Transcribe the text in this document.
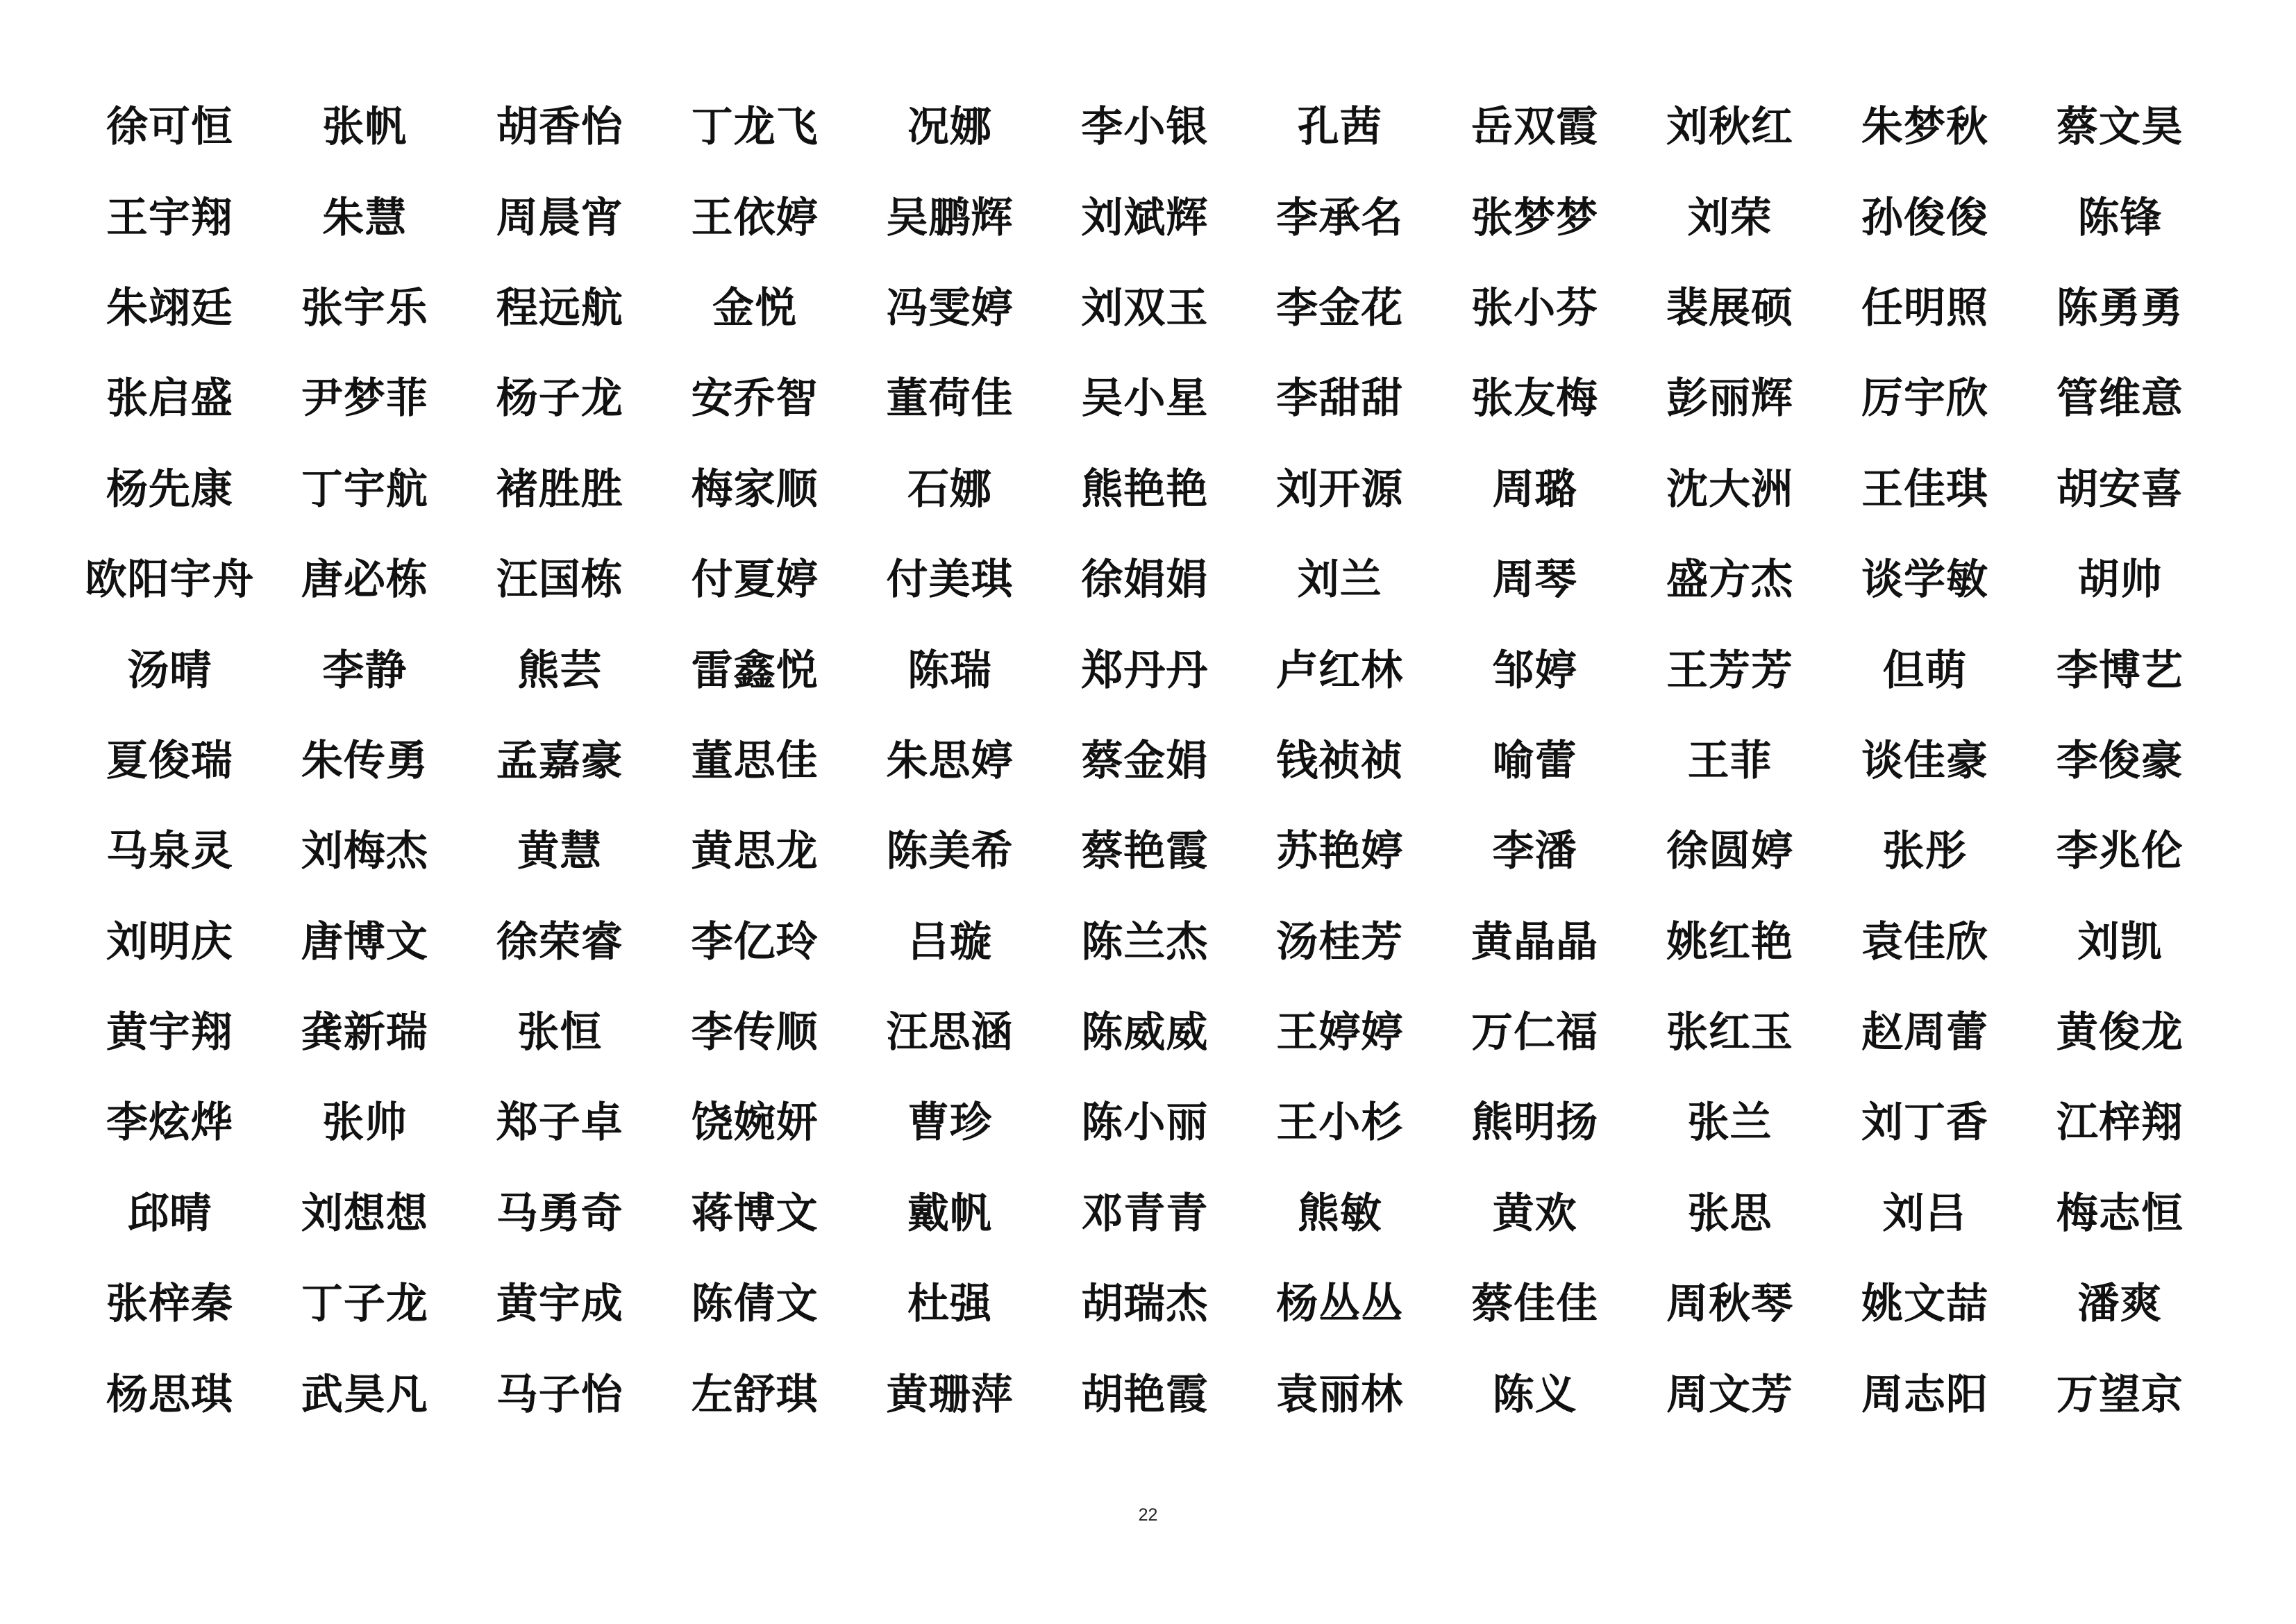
徐可恒	张帆	胡香怡	丁龙飞	况娜	李小银	孔茜	岳双霞	刘秋红	朱梦秋	蔡文昊
王宇翔	朱慧	周晨宵	王依婷	吴鹏辉	刘斌辉	李承名	张梦梦	刘荣	孙俊俊	陈锋
朱翊廷	张宇乐	程远航	金悦	冯雯婷	刘双玉	李金花	张小芬	裴展硕	任明照	陈勇勇
张启盛	尹梦菲	杨子龙	安乔智	董荷佳	吴小星	李甜甜	张友梅	彭丽辉	厉宇欣	管维意
杨先康	丁宇航	褚胜胜	梅家顺	石娜	熊艳艳	刘开源	周璐	沈大洲	王佳琪	胡安喜
欧阳宇舟	唐必栋	汪国栋	付夏婷	付美琪	徐娟娟	刘兰	周琴	盛方杰	谈学敏	胡帅
汤晴	李静	熊芸	雷鑫悦	陈瑞	郑丹丹	卢红林	邹婷	王芳芳	但萌	李博艺
夏俊瑞	朱传勇	孟嘉豪	董思佳	朱思婷	蔡金娟	钱祯祯	喻蕾	王菲	谈佳豪	李俊豪
马泉灵	刘梅杰	黄慧	黄思龙	陈美希	蔡艳霞	苏艳婷	李潘	徐圆婷	张彤	李兆伦
刘明庆	唐博文	徐荣睿	李亿玲	吕璇	陈兰杰	汤桂芳	黄晶晶	姚红艳	袁佳欣	刘凯
黄宇翔	龚新瑞	张恒	李传顺	汪思涵	陈威威	王婷婷	万仁福	张红玉	赵周蕾	黄俊龙
李炫烨	张帅	郑子卓	饶婉妍	曹珍	陈小丽	王小杉	熊明扬	张兰	刘丁香	江梓翔
邱晴	刘想想	马勇奇	蒋博文	戴帆	邓青青	熊敏	黄欢	张思	刘吕	梅志恒
张梓秦	丁子龙	黄宇成	陈倩文	杜强	胡瑞杰	杨丛丛	蔡佳佳	周秋琴	姚文喆	潘爽
杨思琪	武昊凡	马子怡	左舒琪	黄珊萍	胡艳霞	袁丽林	陈义	周文芳	周志阳	万望京
22
